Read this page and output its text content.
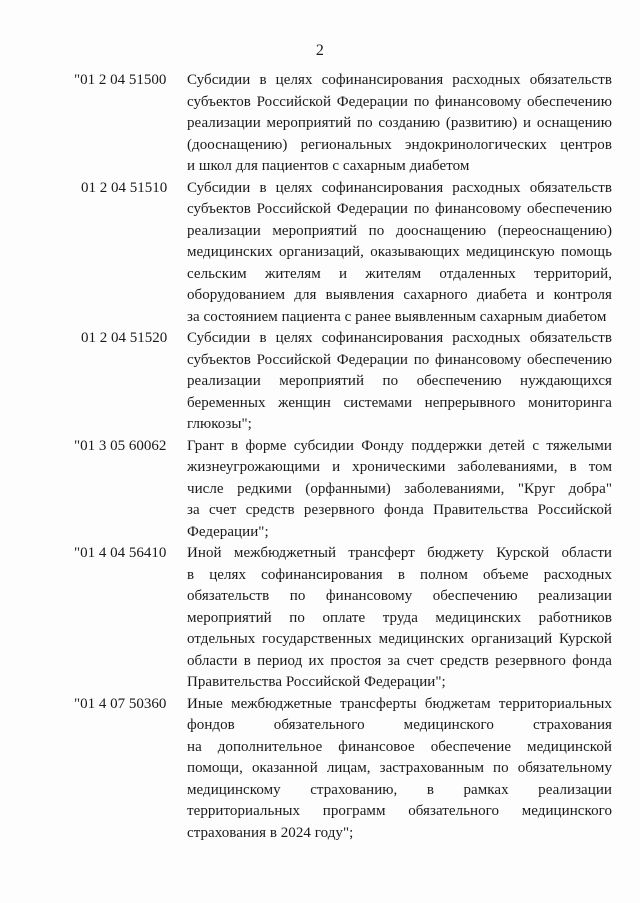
2
"01 2 04 51500	Субсидии в целях софинансирования расходных обязательств
субъектов Российской Федерации по финансовому обеспечению
реализации мероприятий по созданию (развитию) и оснащению
(дооснащению) региональных эндокринологических центров
и школ для пациентов с сахарным диабетом
01 2 04 51510	Субсидии в целях софинансирования расходных обязательств
субъектов Российской Федерации по финансовому обеспечению
реализации мероприятий по дооснащению (переоснащению)
медицинских организаций, оказывающих медицинскую помощь
сельским жителям и жителям отдаленных территорий,
оборудованием для выявления сахарного диабета и контроля
за состоянием пациента с ранее выявленным сахарным диабетом
01 2 04 51520	Субсидии в целях софинансирования расходных обязательств
субъектов Российской Федерации по финансовому обеспечению
реализации мероприятий по обеспечению нуждающихся
беременных женщин системами непрерывного мониторинга
глюкозы";
"01 3 05 60062	Грант в форме субсидии Фонду поддержки детей с тяжелыми
жизнеугрожающими и хроническими заболеваниями, в том
числе редкими (орфанными) заболеваниями, "Круг добра"
за счет средств резервного фонда Правительства Российской
Федерации";
"01 4 04 56410	Иной межбюджетный трансферт бюджету Курской области
в целях софинансирования в полном объеме расходных
обязательств по финансовому обеспечению реализации
мероприятий по оплате труда медицинских работников
отдельных государственных медицинских организаций Курской
области в период их простоя за счет средств резервного фонда
Правительства Российской Федерации";
"01 4 07 50360	Иные межбюджетные трансферты бюджетам территориальных
фондов обязательного медицинского страхования
на дополнительное финансовое обеспечение медицинской
помощи, оказанной лицам, застрахованным по обязательному
медицинскому страхованию, в рамках реализации
территориальных программ обязательного медицинского
страхования в 2024 году";
